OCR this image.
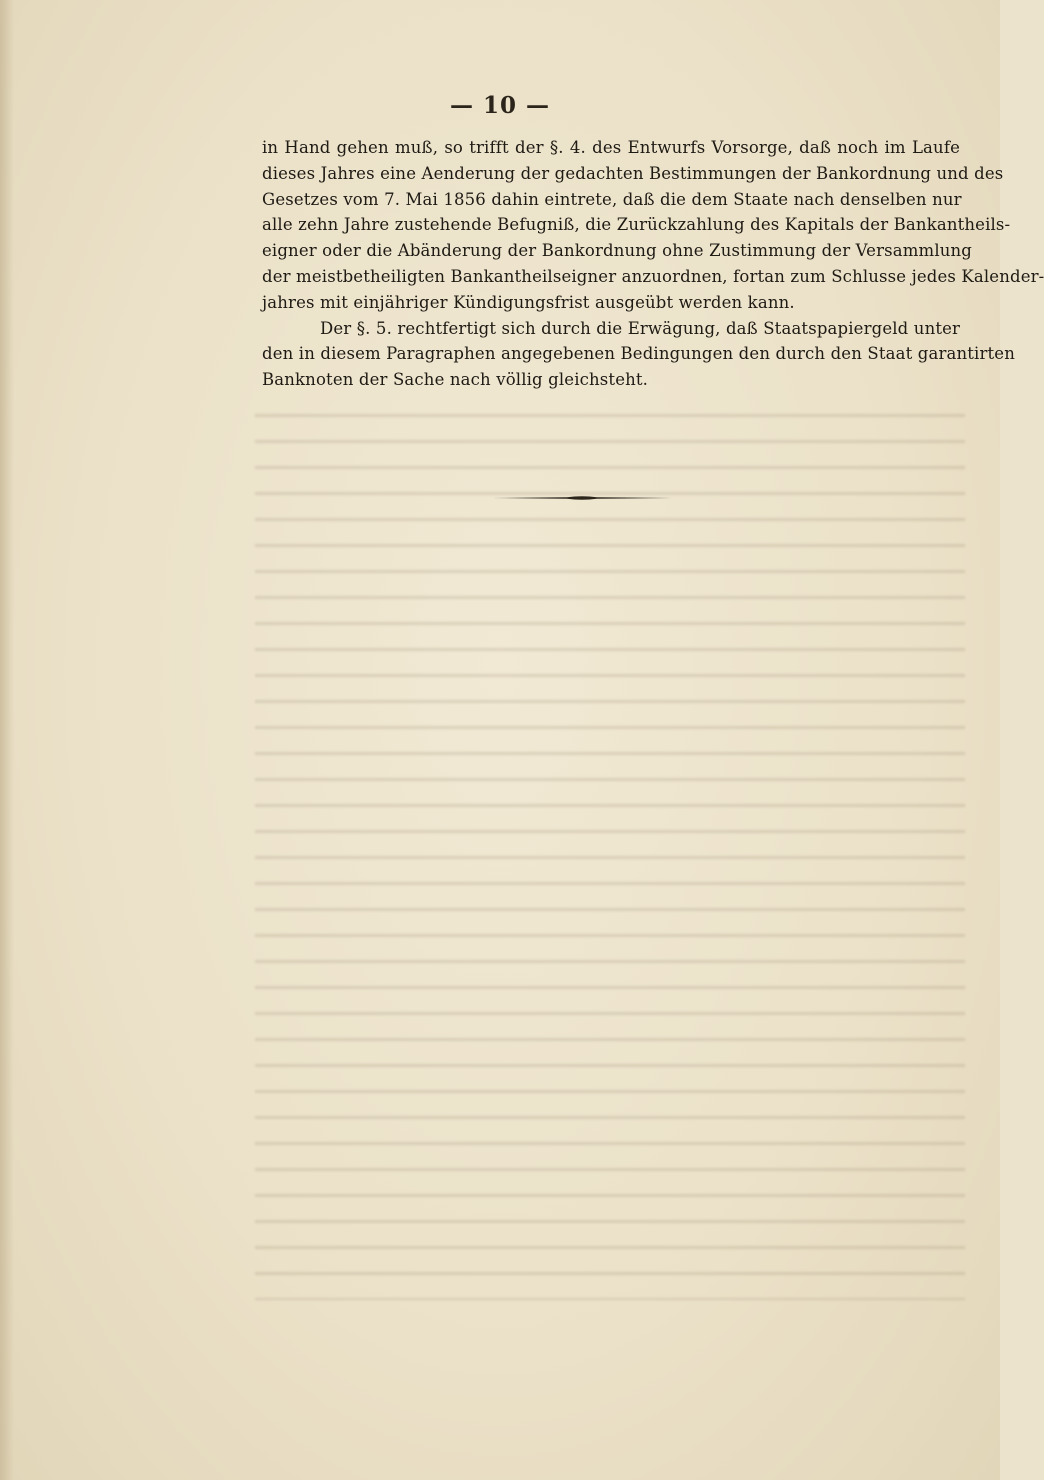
— 10 —
in Hand gehen muß, so trifft der §. 4. des Entwurfs Vorsorge, daß noch im Laufe
dieses Jahres eine Aenderung der gedachten Bestimmungen der Bankordnung und des
Gesetzes vom 7. Mai 1856 dahin eintrete, daß die dem Staate nach denselben nur
alle zehn Jahre zustehende Befugniß, die Zurückzahlung des Kapitals der Bankantheils-
eigner oder die Abänderung der Bankordnung ohne Zustimmung der Versammlung
der meistbetheiligten Bankantheilseigner anzuordnen, fortan zum Schlusse jedes Kalender-
jahres mit einjähriger Kündigungsfrist ausgeübt werden kann.
Der §. 5. rechtfertigt sich durch die Erwägung, daß Staatspapiergeld unter
den in diesem Paragraphen angegebenen Bedingungen den durch den Staat garantirten
Banknoten der Sache nach völlig gleichsteht.
